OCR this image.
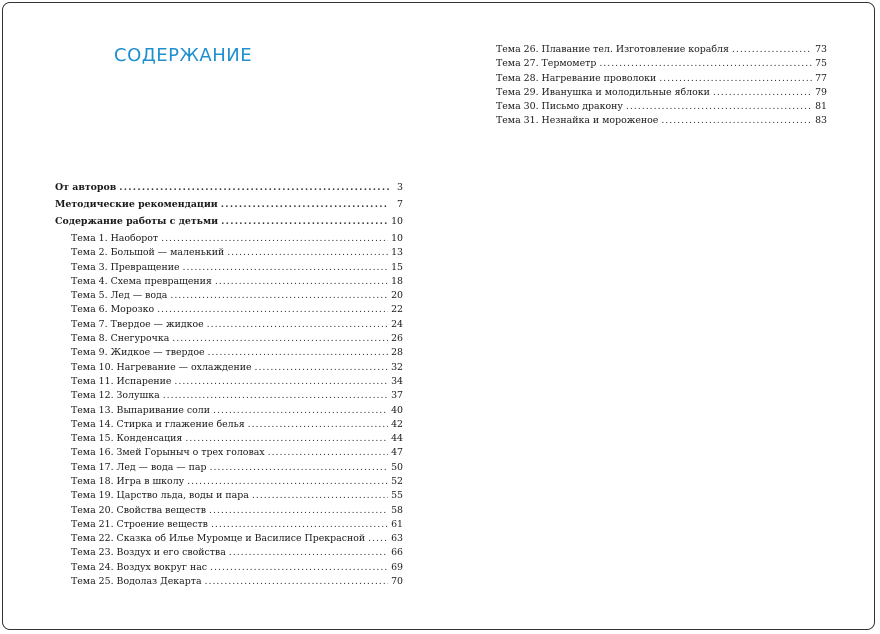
СОДЕРЖАНИЕ
От авторов . . .	3
Методические рекомендации . . .	7
Содержание работы с детьми . . .	10
Тема 1. Наоборот . . .	10
Тема 2. Большой — маленький . . .	13
Тема 3. Превращение . . .	15
Тема 4. Схема превращения . . .	18
Тема 5. Лед — вода . . .	20
Тема 6. Морозко . . .	22
Тема 7. Твердое — жидкое . . .	24
Тема 8. Снегурочка . . .	26
Тема 9. Жидкое — твердое . . .	28
Тема 10. Нагревание — охлаждение . . .	32
Тема 11. Испарение . . .	34
Тема 12. Золушка . . .	37
Тема 13. Выпаривание соли . . .	40
Тема 14. Стирка и глажение белья . . .	42
Тема 15. Конденсация . . .	44
Тема 16. Змей Горыныч о трех головах . . .	47
Тема 17. Лед — вода — пар . . .	50
Тема 18. Игра в школу . . .	52
Тема 19. Царство льда, воды и пара . . .	55
Тема 20. Свойства веществ . . .	58
Тема 21. Строение веществ . . .	61
Тема 22. Сказка об Илье Муромце и Василисе Прекрасной . . .	63
Тема 23. Воздух и его свойства . . .	66
Тема 24. Воздух вокруг нас . . .	69
Тема 25. Водолаз Декарта . . .	70
Тема 26. Плавание тел. Изготовление корабля . . .	73
Тема 27. Термометр . . .	75
Тема 28. Нагревание проволоки . . .	77
Тема 29. Иванушка и молодильные яблоки . . .	79
Тема 30. Письмо дракону . . .	81
Тема 31. Незнайка и мороженое . . .	83
